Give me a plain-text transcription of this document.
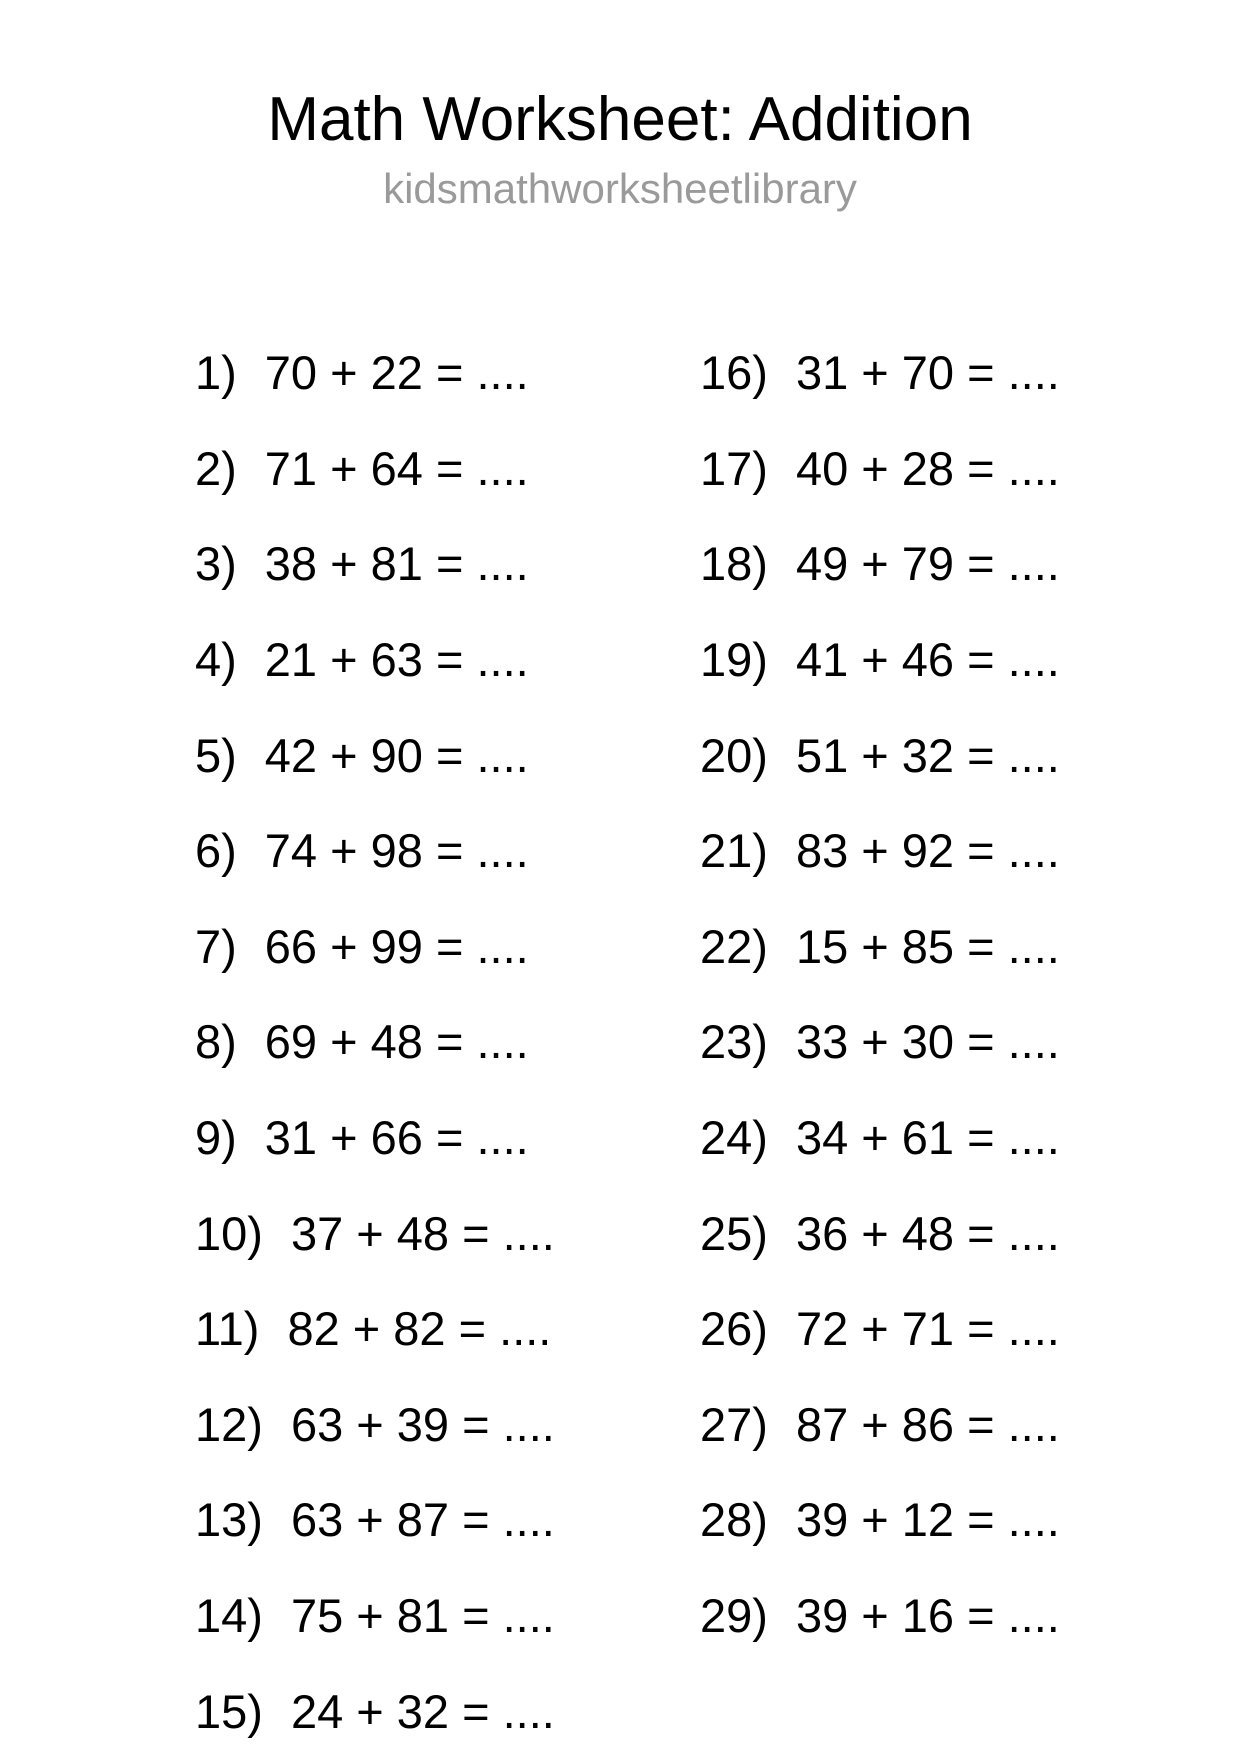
Math Worksheet: Addition
kidsmathworksheetlibrary
1) 70 + 22 = ....
2) 71 + 64 = ....
3) 38 + 81 = ....
4) 21 + 63 = ....
5) 42 + 90 = ....
6) 74 + 98 = ....
7) 66 + 99 = ....
8) 69 + 48 = ....
9) 31 + 66 = ....
10) 37 + 48 = ....
11) 82 + 82 = ....
12) 63 + 39 = ....
13) 63 + 87 = ....
14) 75 + 81 = ....
15) 24 + 32 = ....
16) 31 + 70 = ....
17) 40 + 28 = ....
18) 49 + 79 = ....
19) 41 + 46 = ....
20) 51 + 32 = ....
21) 83 + 92 = ....
22) 15 + 85 = ....
23) 33 + 30 = ....
24) 34 + 61 = ....
25) 36 + 48 = ....
26) 72 + 71 = ....
27) 87 + 86 = ....
28) 39 + 12 = ....
29) 39 + 16 = ....
